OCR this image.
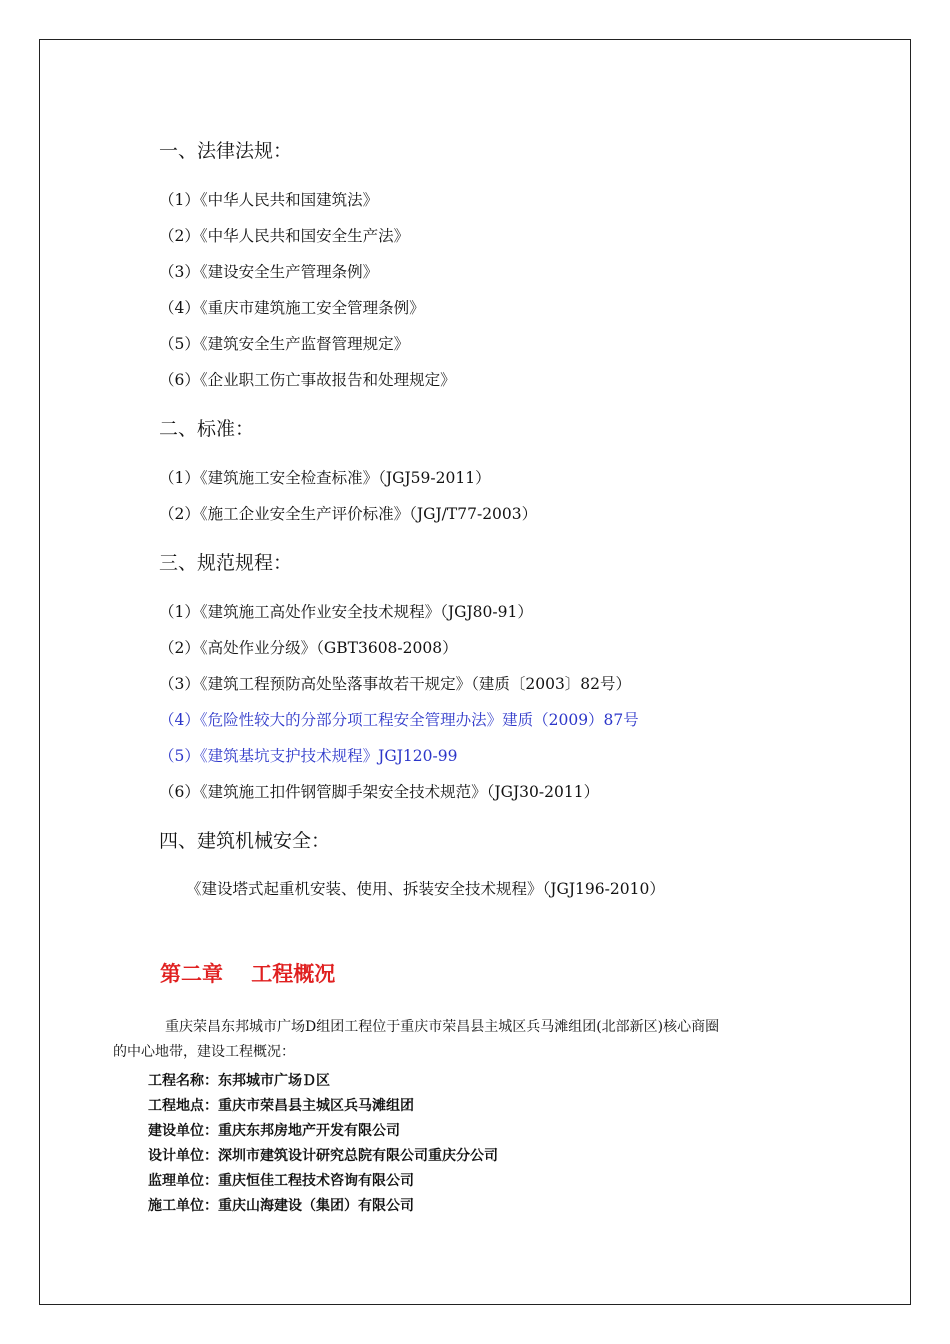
一、法律法规：
（1）《中华人民共和国建筑法》
（2）《中华人民共和国安全生产法》
（3）《建设安全生产管理条例》
（4）《重庆市建筑施工安全管理条例》
（5）《建筑安全生产监督管理规定》
（6）《企业职工伤亡事故报告和处理规定》
二、标准：
（1）《建筑施工安全检查标准》（JGJ59-2011）
（2）《施工企业安全生产评价标准》（JGJ/T77-2003）
三、规范规程：
（1）《建筑施工高处作业安全技术规程》（JGJ80-91）
（2）《高处作业分级》（GBT3608-2008）
（3）《建筑工程预防高处坠落事故若干规定》（建质〔2003〕82号）
（4）《危险性较大的分部分项工程安全管理办法》建质（2009）87号
（5）《建筑基坑支护技术规程》JGJ120-99
（6）《建筑施工扣件钢管脚手架安全技术规范》（JGJ30-2011）
四、建筑机械安全：
《建设塔式起重机安装、使用、拆装安全技术规程》（JGJ196-2010）
第二章　 工程概况
重庆荣昌东邦城市广场D组团工程位于重庆市荣昌县主城区兵马滩组团(北部新区)核心商圈
的中心地带，建设工程概况：
工程名称：东邦城市广场Ｄ区
工程地点：重庆市荣昌县主城区兵马滩组团
建设单位：重庆东邦房地产开发有限公司
设计单位：深圳市建筑设计研究总院有限公司重庆分公司
监理单位：重庆恒佳工程技术咨询有限公司
施工单位：重庆山海建设（集团）有限公司
